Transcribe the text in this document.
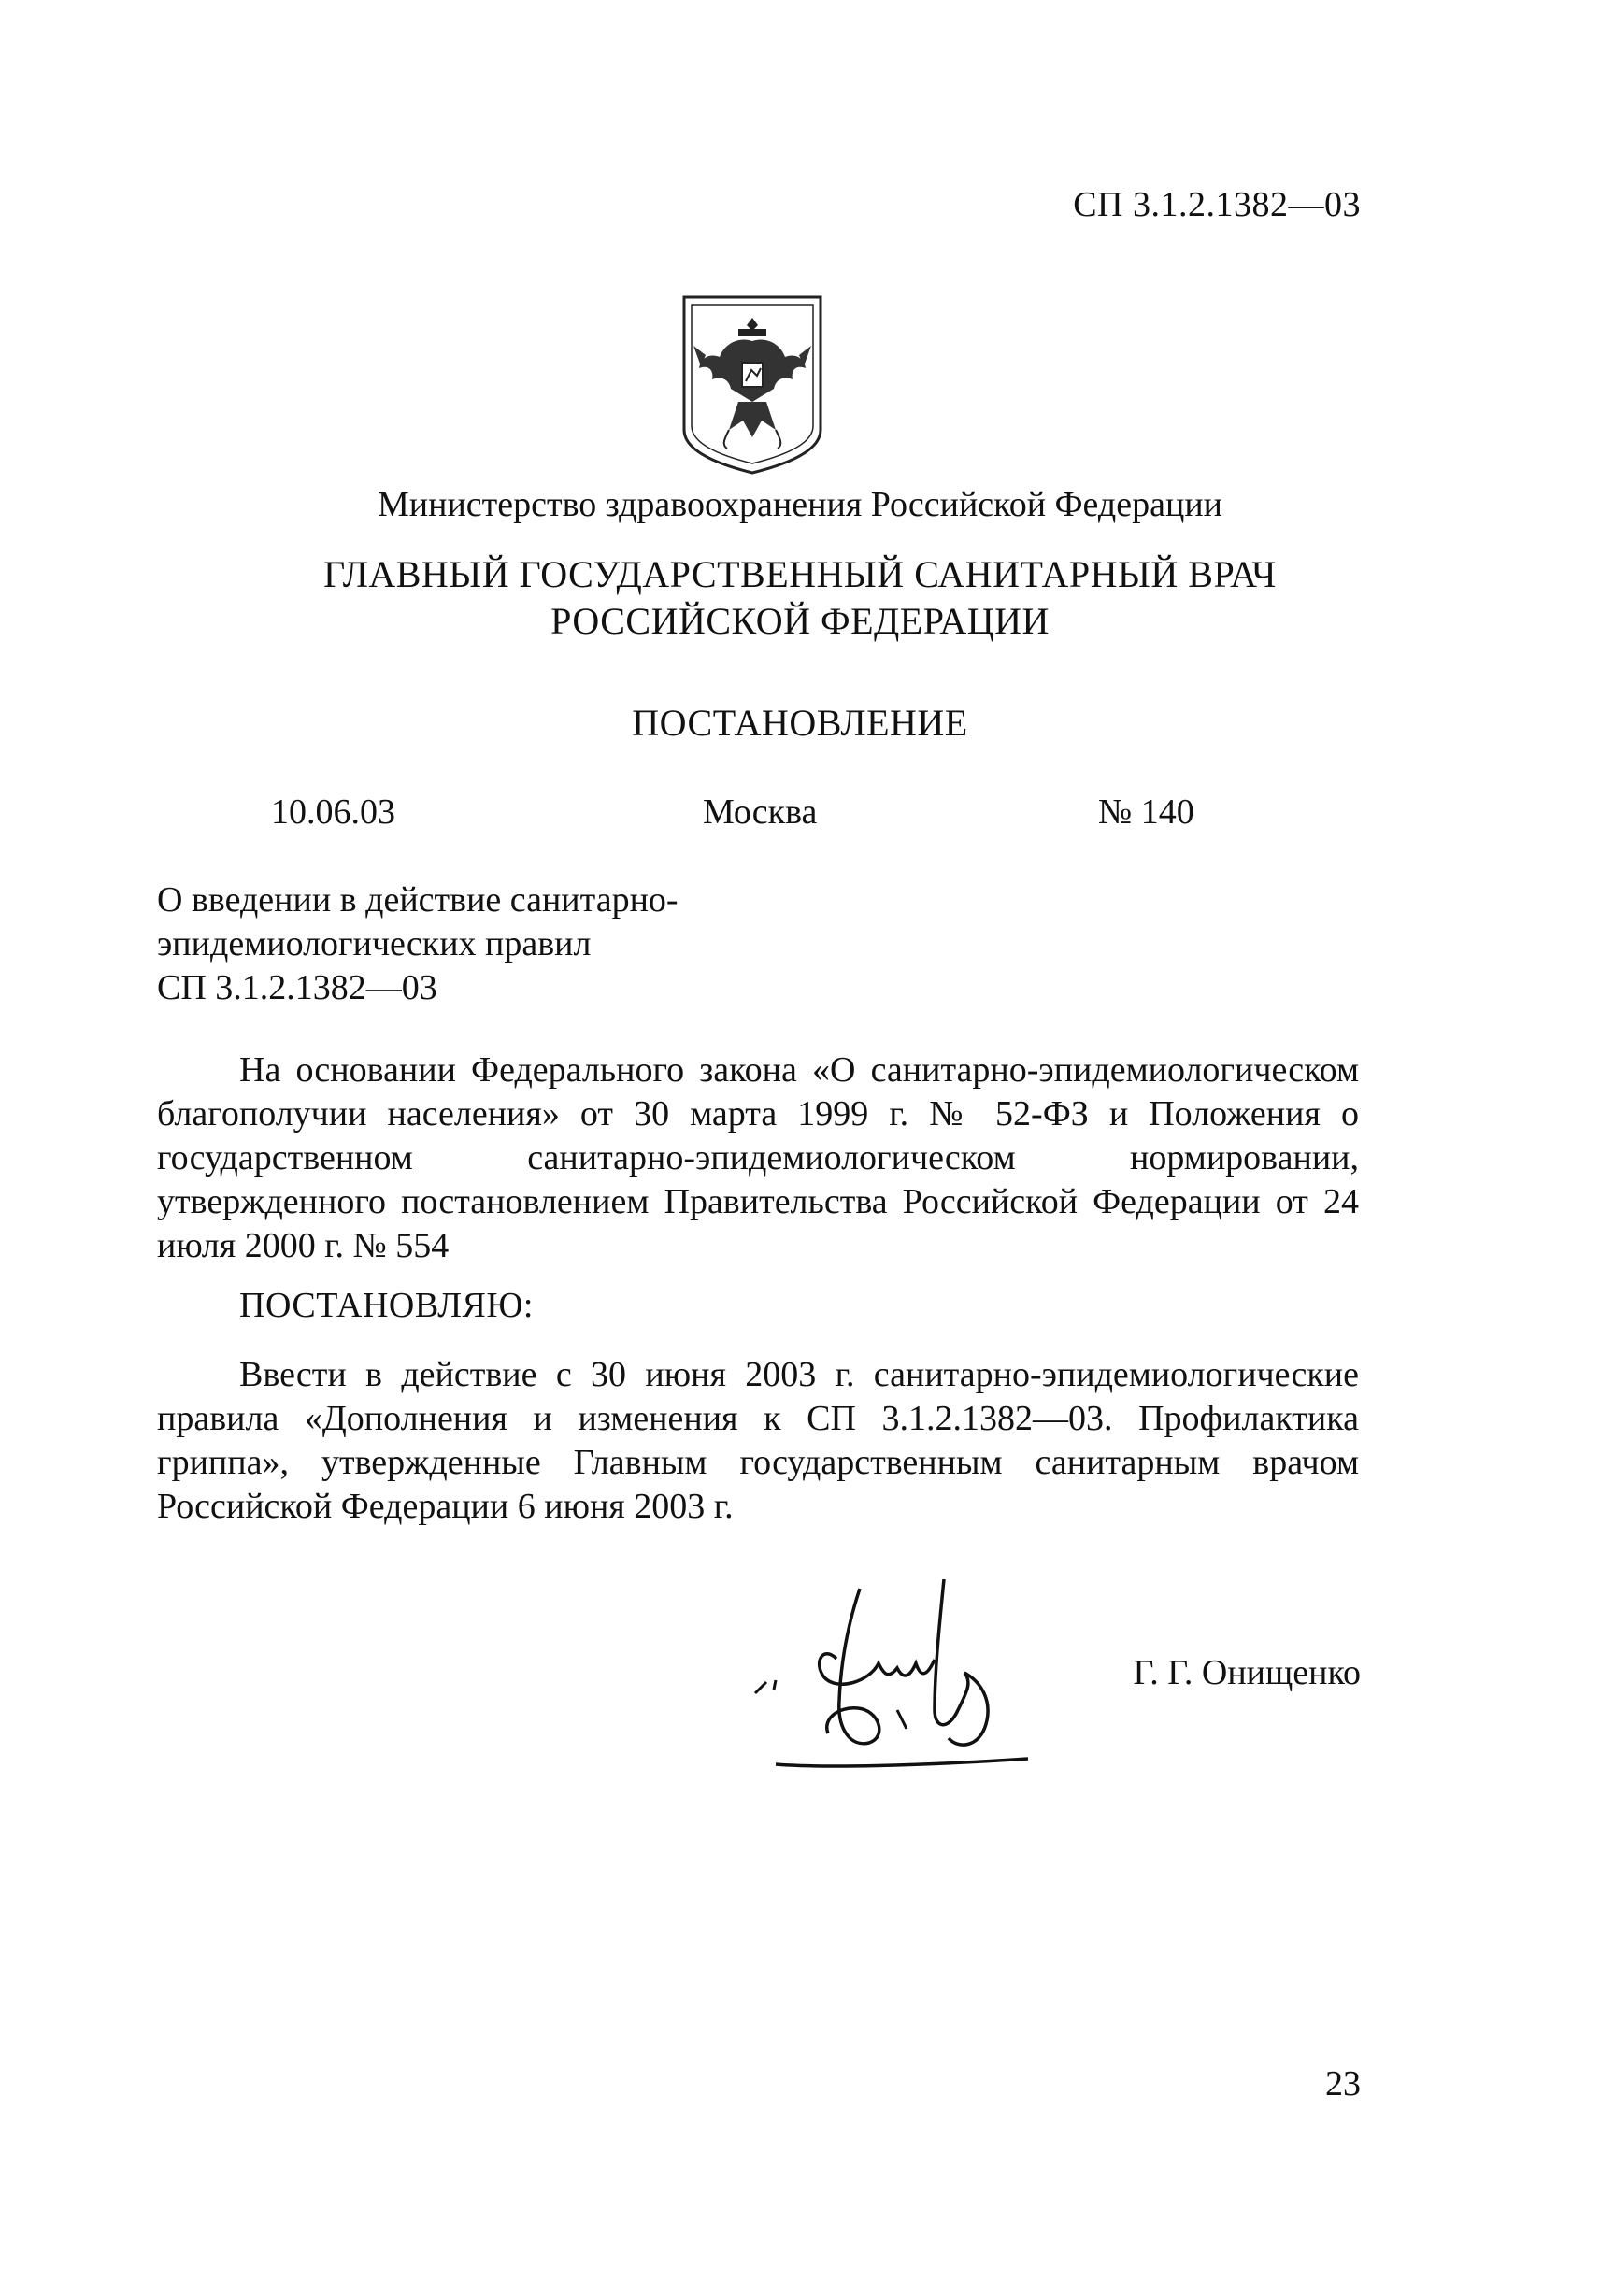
СП 3.1.2.1382—03
Министерство здравоохранения Российской Федерации
ГЛАВНЫЙ ГОСУДАРСТВЕННЫЙ САНИТАРНЫЙ ВРАЧ
РОССИЙСКОЙ ФЕДЕРАЦИИ
ПОСТАНОВЛЕНИЕ
10.06.03	Москва	№ 140
О введении в действие санитарно-
эпидемиологических правил
СП 3.1.2.1382—03
На основании Федерального закона «О санитарно-эпидемиологическом благополучии населения» от 30 марта 1999 г. № 52-ФЗ и Положения о государственном санитарно-эпидемиологическом нормировании, утвержденного постановлением Правительства Российской Федерации от 24 июля 2000 г. № 554
ПОСТАНОВЛЯЮ:
Ввести в действие с 30 июня 2003 г. санитарно-эпидемиологические правила «Дополнения и изменения к СП 3.1.2.1382—03. Профилактика гриппа», утвержденные Главным государственным санитарным врачом Российской Федерации 6 июня 2003 г.
Г. Г. Онищенко
23
